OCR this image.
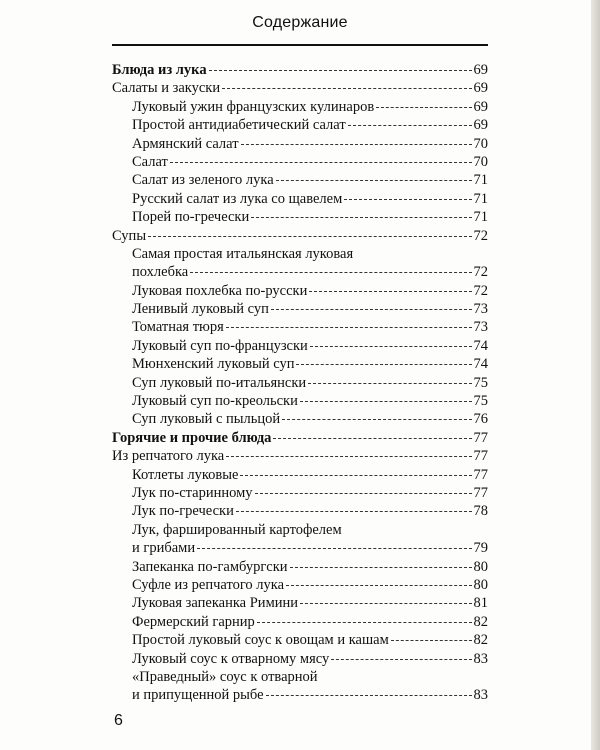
Содержание
Блюда из лука	69
Салаты и закуски	69
Луковый ужин французских кулинаров	69
Простой антидиабетический салат	69
Армянский салат	70
Салат	70
Салат из зеленого лука	71
Русский салат из лука со щавелем	71
Порей по-гречески	71
Супы	72
Самая простая итальянская луковая
похлебка	72
Луковая похлебка по-русски	72
Ленивый луковый суп	73
Томатная тюря	73
Луковый суп по-французски	74
Мюнхенский луковый суп	74
Суп луковый по-итальянски	75
Луковый суп по-креольски	75
Суп луковый с пыльцой	76
Горячие и прочие блюда	77
Из репчатого лука	77
Котлеты луковые	77
Лук по-старинному	77
Лук по-гречески	78
Лук, фаршированный картофелем
и грибами	79
Запеканка по-гамбургски	80
Суфле из репчатого лука	80
Луковая запеканка Римини	81
Фермерский гарнир	82
Простой луковый соус к овощам и кашам	82
Луковый соус к отварному мясу	83
«Праведный» соус к отварной
и припущенной рыбе	83
6
